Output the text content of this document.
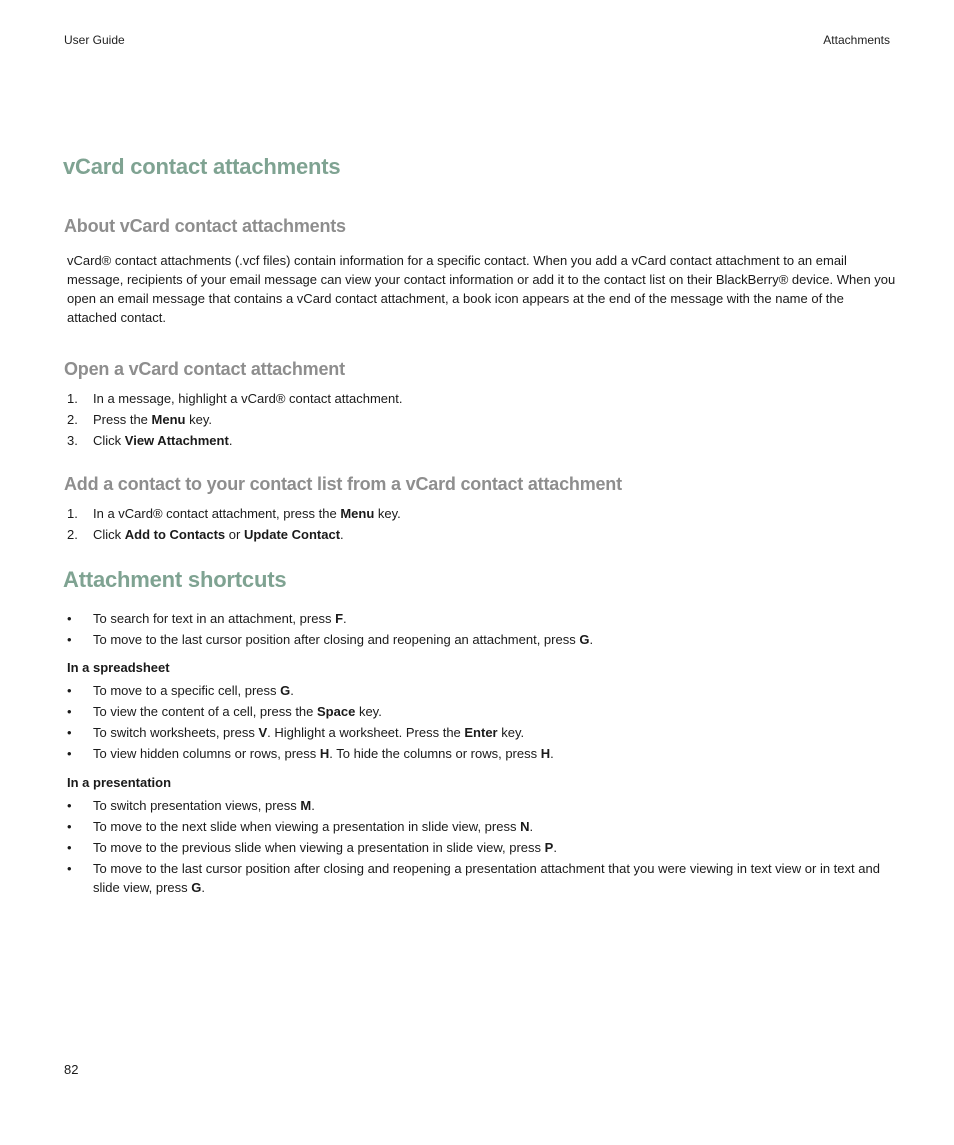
User Guide	Attachments
vCard contact attachments
About vCard contact attachments

vCard® contact attachments (.vcf files) contain information for a specific contact. When you add a vCard contact attachment to an email message, recipients of your email message can view your contact information or add it to the contact list on their BlackBerry® device. When you open an email message that contains a vCard contact attachment, a book icon appears at the end of the message with the name of the attached contact.

Open a vCard contact attachment
1. In a message, highlight a vCard® contact attachment.
2. Press the Menu key.
3. Click View Attachment.
Add a contact to your contact list from a vCard contact attachment
1. In a vCard® contact attachment, press the Menu key.
2. Click Add to Contacts or Update Contact.
Attachment shortcuts
• To search for text in an attachment, press F.
• To move to the last cursor position after closing and reopening an attachment, press G.

In a spreadsheet

• To move to a specific cell, press G.
• To view the content of a cell, press the Space key.
• To switch worksheets, press V. Highlight a worksheet. Press the Enter key.
• To view hidden columns or rows, press H. To hide the columns or rows, press H.

In a presentation

• To switch presentation views, press M.
• To move to the next slide when viewing a presentation in slide view, press N.
• To move to the previous slide when viewing a presentation in slide view, press P.
• To move to the last cursor position after closing and reopening a presentation attachment that you were viewing in text view or in text and slide view, press G.
82
